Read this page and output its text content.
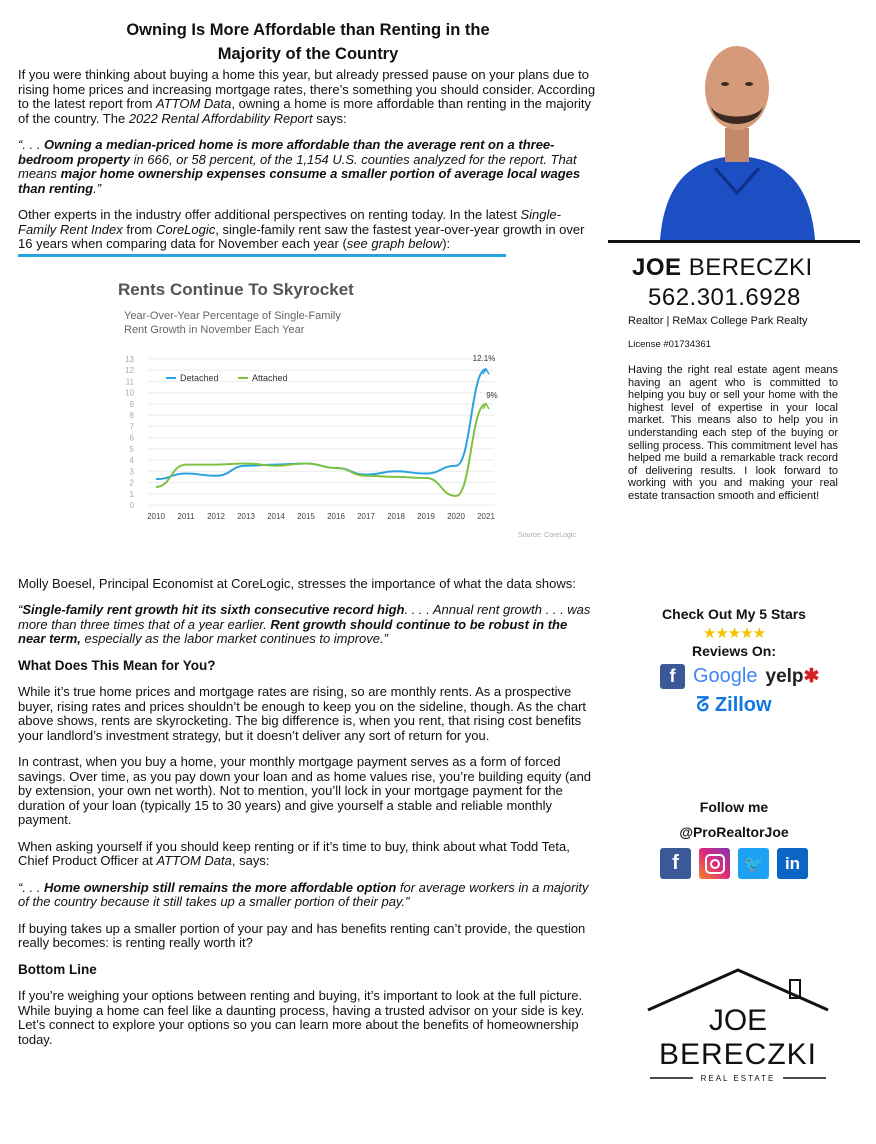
Owning Is More Affordable than Renting in the
Majority of the Country

If you were thinking about buying a home this year, but already pressed pause on your plans due to rising home prices and increasing mortgage rates, there’s something you should consider. According to the latest report from ATTOM Data, owning a home is more affordable than renting in the majority of the country. The 2022 Rental Affordability Report says:

“. . . Owning a median-priced home is more affordable than the average rent on a three-bedroom property in 666, or 58 percent, of the 1,154 U.S. counties analyzed for the report. That means major home ownership expenses consume a smaller portion of average local wages than renting.”

Other experts in the industry offer additional perspectives on renting today. In the latest Single-Family Rent Index from CoreLogic, single-family rent saw the fastest year-over-year growth in over 16 years when comparing data for November each year (see graph below):

Rents Continue To Skyrocket
Year-Over-Year Percentage of Single-Family
Rent Growth in November Each Year
0
1
2
3
4
5
6
7
8
9
10
11
12
13
2010 2011 2012 2013 2014 2015 2016 2017 2018 2019 2020 2021
12.1%
Detached
9%
Attached
Source: CoreLogic

Molly Boesel, Principal Economist at CoreLogic, stresses the importance of what the data shows:

“Single-family rent growth hit its sixth consecutive record high. . . . Annual rent growth . . . was more than three times that of a year earlier. Rent growth should continue to be robust in the near term, especially as the labor market continues to improve.”

What Does This Mean for You?

While it’s true home prices and mortgage rates are rising, so are monthly rents. As a prospective buyer, rising rates and prices shouldn’t be enough to keep you on the sideline, though. As the chart above shows, rents are skyrocketing. The big difference is, when you rent, that rising cost benefits your landlord’s investment strategy, but it doesn’t deliver any sort of return for you.

In contrast, when you buy a home, your monthly mortgage payment serves as a form of forced savings. Over time, as you pay down your loan and as home values rise, you’re building equity (and by extension, your own net worth). Not to mention, you’ll lock in your mortgage payment for the duration of your loan (typically 15 to 30 years) and give yourself a stable and reliable monthly payment.

When asking yourself if you should keep renting or if it’s time to buy, think about what Todd Teta, Chief Product Officer at ATTOM Data, says:

“. . . Home ownership still remains the more affordable option for average workers in a majority of the country because it still takes up a smaller portion of their pay.”

If buying takes up a smaller portion of your pay and has benefits renting can’t provide, the question really becomes: is renting really worth it?

Bottom Line

If you’re weighing your options between renting and buying, it’s important to look at the full picture. While buying a home can feel like a daunting process, having a trusted advisor on your side is key. Let’s connect to explore your options so you can learn more about the benefits of homeownership today.

JOE BERECZKI
562.301.6928
Realtor | ReMax College Park Realty
License #01734361
Having the right real estate agent means having an agent who is committed to helping you buy or sell your home with the highest level of expertise in your local market. This means also to help you in understanding each step of the buying or selling process. This commitment level has helped me build a remarkable track record of delivering results. I look forward to working with you and making your real estate transaction smooth and efficient!
Check Out My 5 Stars
★★★★★
Reviews On:
f Google yelp✱
ᘔ Zillow
Follow me
@ProRealtorJoe
f	🐦	in
JOE
BERECZKI
REAL ESTATE
